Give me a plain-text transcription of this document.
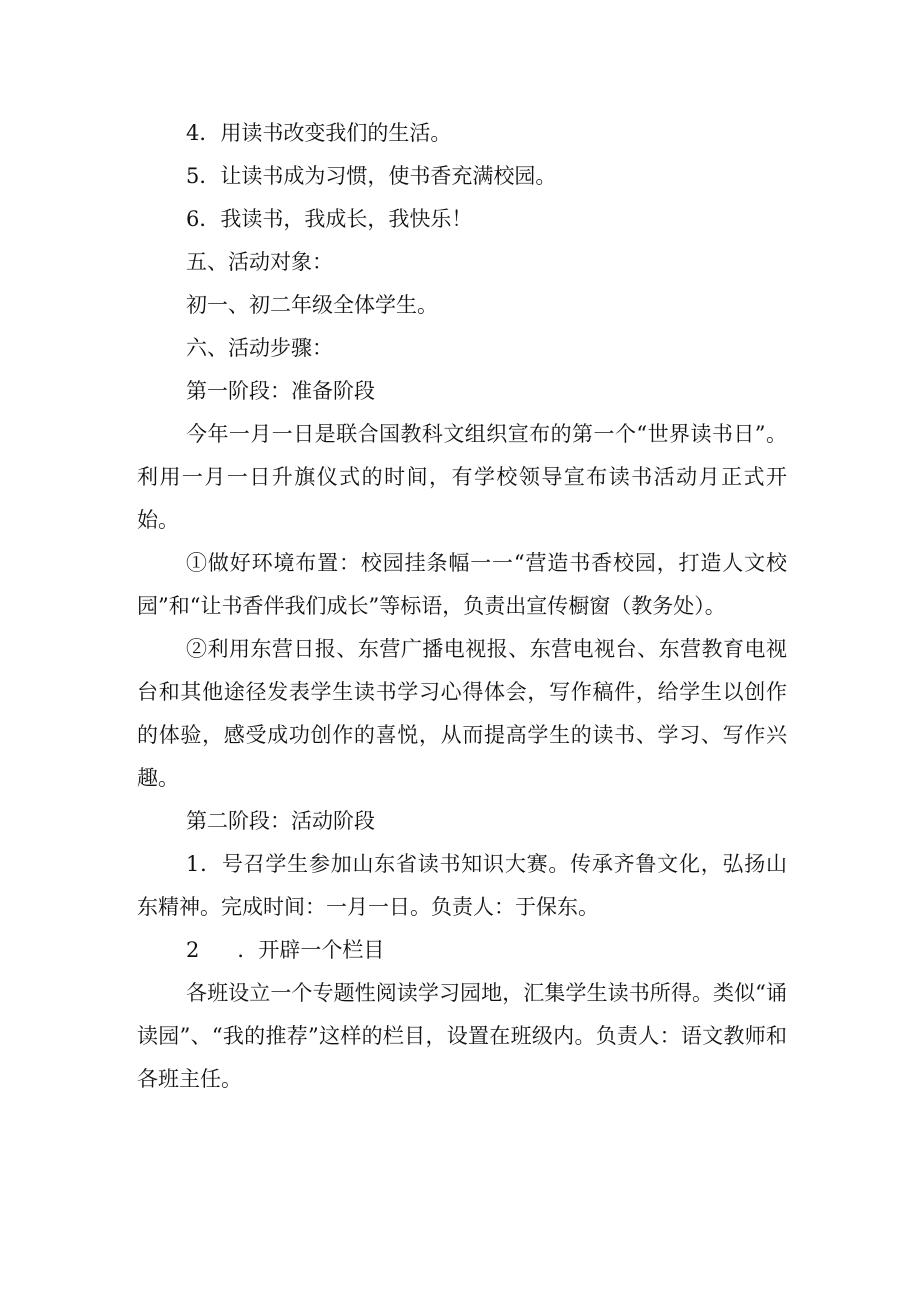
4．用读书改变我们的生活。

5．让读书成为习惯，使书香充满校园。

6．我读书，我成长，我快乐！

五、活动对象：

初一、初二年级全体学生。

六、活动步骤：

第一阶段：准备阶段

今年一月一日是联合国教科文组织宣布的第一个“世界读书日”。利用一月一日升旗仪式的时间，有学校领导宣布读书活动月正式开始。

①做好环境布置：校园挂条幅一一“营造书香校园，打造人文校园”和“让书香伴我们成长”等标语，负责出宣传橱窗（教务处）。

②利用东营日报、东营广播电视报、东营电视台、东营教育电视台和其他途径发表学生读书学习心得体会，写作稿件，给学生以创作的体验，感受成功创作的喜悦，从而提高学生的读书、学习、写作兴趣。

第二阶段：活动阶段

1．号召学生参加山东省读书知识大赛。传承齐鲁文化，弘扬山东精神。完成时间：一月一日。负责人：于保东。

2 ．开辟一个栏目

各班设立一个专题性阅读学习园地，汇集学生读书所得。类似“诵读园”、“我的推荐”这样的栏目，设置在班级内。负责人：语文教师和各班主任。
